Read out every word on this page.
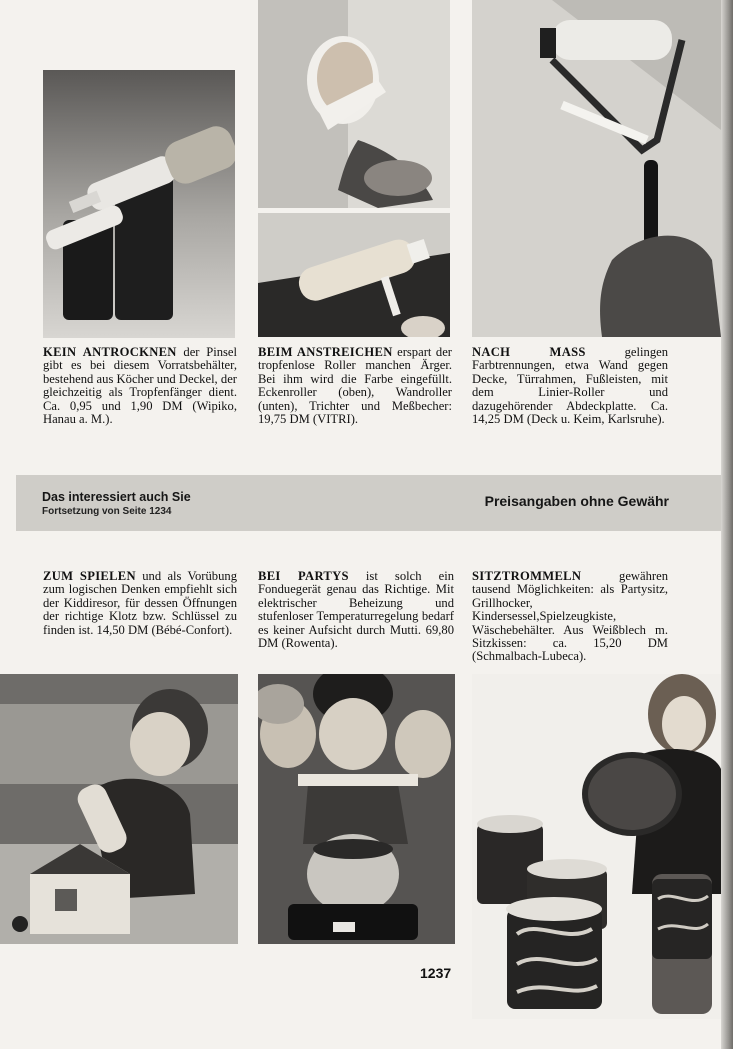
KEIN ANTROCKNEN der Pinsel gibt es bei diesem Vorratsbehälter, bestehend aus Köcher und Deckel, der gleichzeitig als Tropfenfänger dient. Ca. 0,95 und 1,90 DM (Wipiko, Hanau a. M.).

BEIM ANSTREICHEN erspart der tropfenlose Roller manchen Ärger. Bei ihm wird die Farbe eingefüllt. Eckenroller (oben), Wandroller (unten), Trichter und Meßbecher: 19,75 DM (VITRI).

NACH MASS gelingen Farbtrennungen, etwa Wand gegen Decke, Türrahmen, Fußleisten, mit dem Linier-Roller und dazugehörender Abdeckplatte. Ca. 14,25 DM (Deck u. Keim, Karlsruhe).

Das interessiert auch Sie
Fortsetzung von Seite 1234
Preisangaben ohne Gewähr

ZUM SPIELEN und als Vorübung zum logischen Denken empfiehlt sich der Kiddiresor, für dessen Öffnungen der richtige Klotz bzw. Schlüssel zu finden ist. 14,50 DM (Bébé-Confort).

BEI PARTYS ist solch ein Fonduegerät genau das Richtige. Mit elektrischer Beheizung und stufenloser Temperaturregelung bedarf es keiner Aufsicht durch Mutti. 69,80 DM (Rowenta).

SITZTROMMELN gewähren tausend Möglichkeiten: als Partysitz, Grillhocker, Kindersessel,Spielzeugkiste, Wäschebehälter. Aus Weißblech m. Sitzkissen: ca. 15,20 DM (Schmalbach-Lubeca).

1237
